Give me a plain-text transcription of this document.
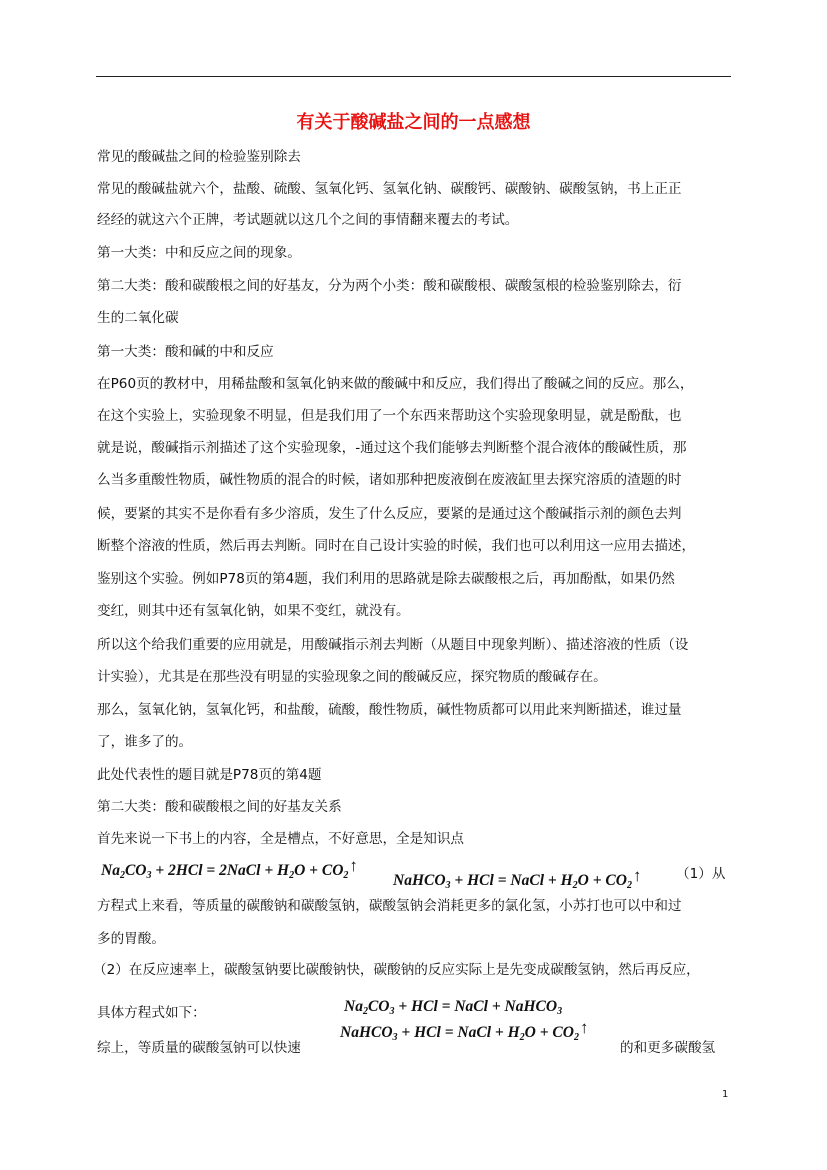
有关于酸碱盐之间的一点感想
常见的酸碱盐之间的检验鉴别除去
常见的酸碱盐就六个，盐酸、硫酸、氢氧化钙、氢氧化钠、碳酸钙、碳酸钠、碳酸氢钠，书上正正
经经的就这六个正牌，考试题就以这几个之间的事情翻来覆去的考试。
第一大类：中和反应之间的现象。
第二大类：酸和碳酸根之间的好基友，分为两个小类：酸和碳酸根、碳酸氢根的检验鉴别除去，衍
生的二氧化碳
第一大类：酸和碱的中和反应
在P60页的教材中，用稀盐酸和氢氧化钠来做的酸碱中和反应，我们得出了酸碱之间的反应。那么，
在这个实验上，实验现象不明显，但是我们用了一个东西来帮助这个实验现象明显，就是酚酞，也
就是说，酸碱指示剂描述了这个实验现象，-通过这个我们能够去判断整个混合液体的酸碱性质，那
么当多重酸性物质，碱性物质的混合的时候，诸如那种把废液倒在废液缸里去探究溶质的渣题的时
候，要紧的其实不是你看有多少溶质，发生了什么反应，要紧的是通过这个酸碱指示剂的颜色去判
断整个溶液的性质，然后再去判断。同时在自己设计实验的时候，我们也可以利用这一应用去描述，
鉴别这个实验。例如P78页的第4题，我们利用的思路就是除去碳酸根之后，再加酚酞，如果仍然
变红，则其中还有氢氧化钠，如果不变红，就没有。
所以这个给我们重要的应用就是，用酸碱指示剂去判断（从题目中现象判断）、描述溶液的性质（设
计实验），尤其是在那些没有明显的实验现象之间的酸碱反应，探究物质的酸碱存在。
那么，氢氧化钠，氢氧化钙，和盐酸，硫酸，酸性物质，碱性物质都可以用此来判断描述，谁过量
了，谁多了的。
此处代表性的题目就是P78页的第4题
第二大类：酸和碳酸根之间的好基友关系
首先来说一下书上的内容，全是槽点，不好意思，全是知识点
$Na_2CO_3 + 2HCl$ = 2NaCl + $H_2O$ + $CO_2↑$
NaHCO$_3$ + HCl = NaCl + $H_2O$ + $CO_2↑$	（1）从
方程式上来看，等质量的碳酸钠和碳酸氢钠，碳酸氢钠会消耗更多的氯化氢，小苏打也可以中和过
多的胃酸。
（2）在反应速率上，碳酸氢钠要比碳酸钠快，碳酸钠的反应实际上是先变成碳酸氢钠，然后再反应，
具体方程式如下：	$Na_2CO_3$ + HCl = NaCl + NaHCO$_3$
NaHCO$_3$ + HCl = NaCl + $H_2O$ + $CO_2↑$
综上，等质量的碳酸氢钠可以快速	的和更多碳酸氢
1
